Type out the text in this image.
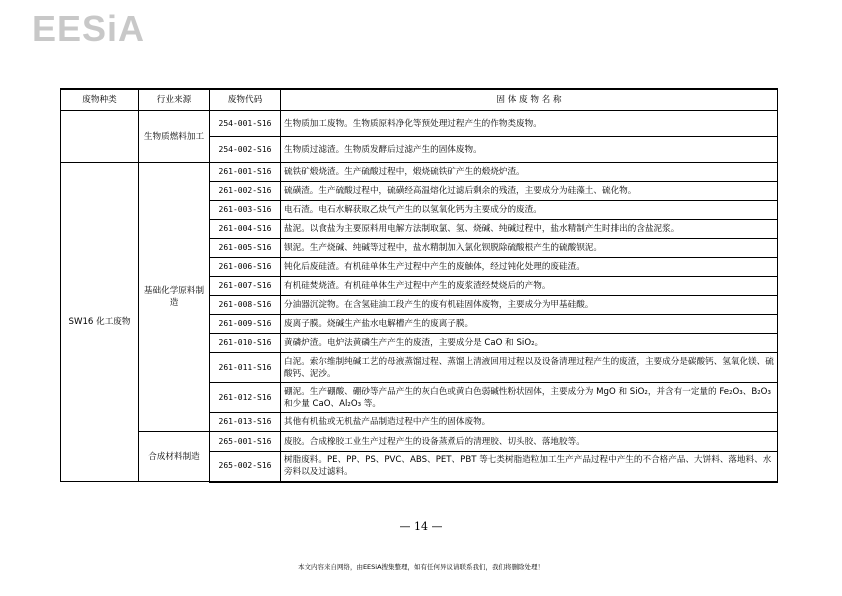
EESiA
废物种类	行业来源	废物代码	固 体 废 物 名 称
	生物质燃料加工	254-001-S16	生物质加工废物。生物质原料净化等预处理过程产生的作物类废物。
		254-002-S16	生物质过滤渣。生物质发酵后过滤产生的固体废物。
SW16 化工废物	基础化学原料制造	261-001-S16	硫铁矿煅烧渣。生产硫酸过程中，煅烧硫铁矿产生的煅烧炉渣。
		261-002-S16	硫磺渣。生产硫酸过程中，硫磺经高温熔化过滤后剩余的残渣，主要成分为硅藻土、硫化物。
		261-003-S16	电石渣。电石水解获取乙炔气产生的以氢氧化钙为主要成分的废渣。
		261-004-S16	盐泥。以食盐为主要原料用电解方法制取氯、氢、烧碱、纯碱过程中，盐水精制产生时排出的含盐泥浆。
		261-005-S16	钡泥。生产烧碱、纯碱等过程中，盐水精制加入氯化钡脱除硫酸根产生的硫酸钡泥。
		261-006-S16	钝化后废硅渣。有机硅单体生产过程中产生的废触体，经过钝化处理的废硅渣。
		261-007-S16	有机硅焚烧渣。有机硅单体生产过程中产生的废浆渣经焚烧后的产物。
		261-008-S16	分油器沉淀物。在含氢硅油工段产生的废有机硅固体废物，主要成分为甲基硅酸。
		261-009-S16	废离子膜。烧碱生产盐水电解槽产生的废离子膜。
		261-010-S16	黄磷炉渣。电炉法黄磷生产产生的废渣，主要成分是 CaO 和 SiO₂。
		261-011-S16	白泥。索尔维制纯碱工艺的母液蒸馏过程、蒸馏上清液回用过程以及设备清理过程产生的废渣，主要成分是碳酸钙、氢氧化镁、硫酸钙、泥沙。
		261-012-S16	硼泥。生产硼酸、硼砂等产品产生的灰白色或黄白色弱碱性粉状固体，主要成分为 MgO 和 SiO₂，并含有一定量的 Fe₂O₃、B₂O₃ 和少量 CaO、Al₂O₃ 等。
		261-013-S16	其他有机盐或无机盐产品制造过程中产生的固体废物。
	合成材料制造	265-001-S16	废胶。合成橡胶工业生产过程产生的设备蒸煮后的清理胶、切头胶、落地胶等。
		265-002-S16	树脂废料。PE、PP、PS、PVC、ABS、PET、PBT 等七类树脂造粒加工生产产品过程中产生的不合格产品、大饼料、落地料、水旁料以及过滤料。
— 14 —
本文内容来自网络，由EESiA搜集整理，如有任何异议请联系我们，我们将删除处理！
